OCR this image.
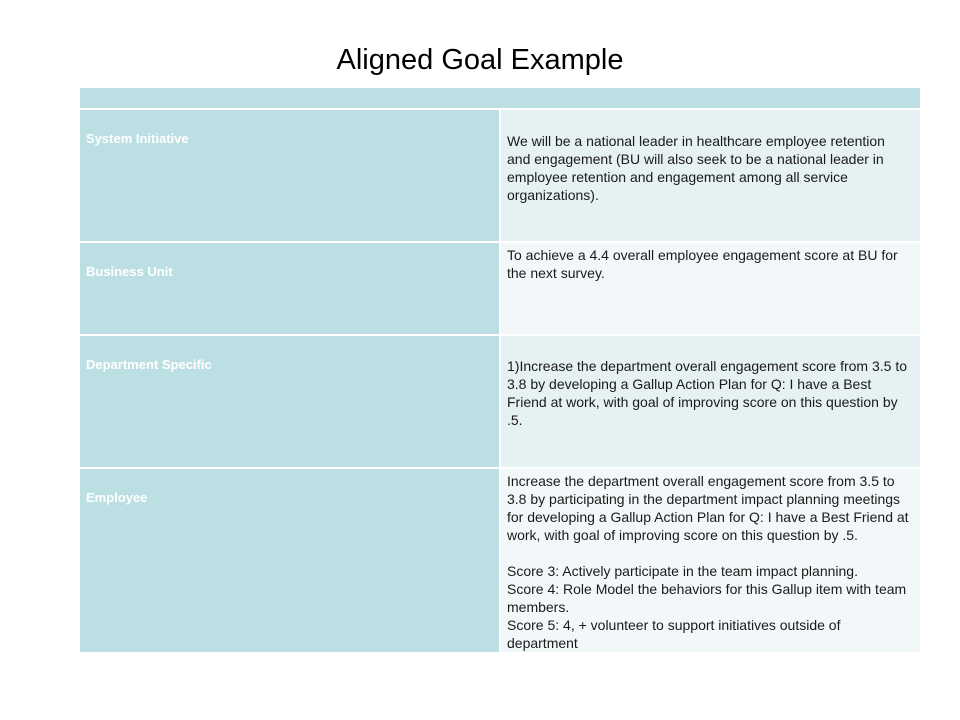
Aligned Goal Example

System Initiative	We will be a national leader in healthcare employee retention and engagement (BU will also seek to be a national leader in employee retention and engagement among all service organizations).

Business Unit	To achieve a 4.4 overall employee engagement score at BU for the next survey.

Department Specific	1)Increase the department overall engagement score from 3.5 to 3.8 by developing a Gallup Action Plan for Q: I have a Best Friend at work, with goal of improving score on this question by .5.

Employee	Increase the department overall engagement score from 3.5 to 3.8 by participating in the department impact planning meetings for developing a Gallup Action Plan for Q: I have a Best Friend at work, with goal of improving score on this question by .5.
Score 3: Actively participate in the team impact planning.
Score 4: Role Model the behaviors for this Gallup item with team members.
Score 5: 4, + volunteer to support initiatives outside of department
